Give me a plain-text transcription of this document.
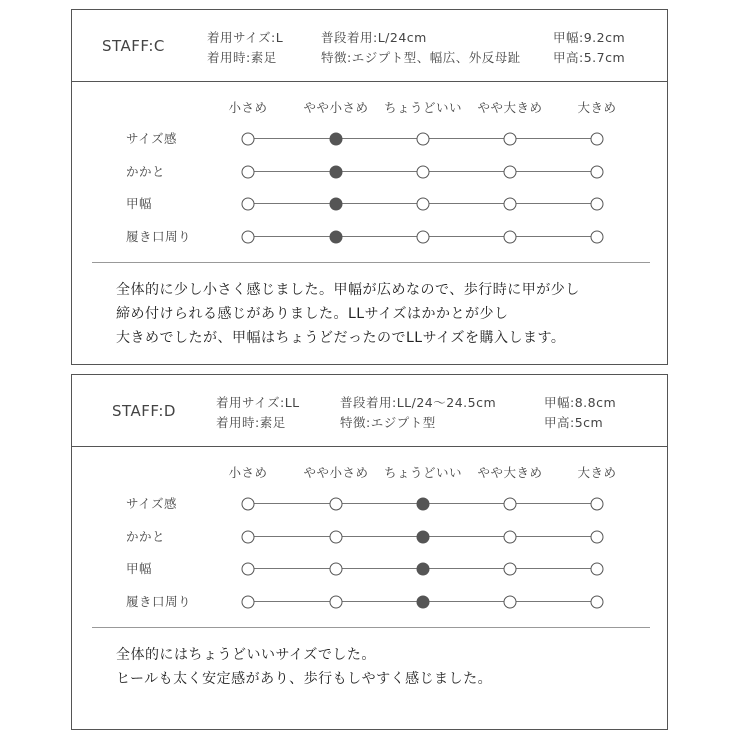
STAFF:C	着用サイズ:L
着用時:素足
普段着用:L/24cm
特徴:エジプト型、幅広、外反母趾
甲幅:9.2cm
甲高:5.7cm
小さめ	やや小さめ ちょうどいい やや大きめ	大きめ
サイズ感
かかと
甲幅
履き口周り
全体的に少し小さく感じました。甲幅が広めなので、歩行時に甲が少し
締め付けられる感じがありました。LLサイズはかかとが少し
大きめでしたが、甲幅はちょうどだったのでLLサイズを購入します。
STAFF:D	着用サイズ:LL
着用時:素足
普段着用:LL/24〜24.5cm
特徴:エジプト型
甲幅:8.8cm
甲高:5cm
小さめ	やや小さめ ちょうどいい やや大きめ	大きめ
サイズ感
かかと
甲幅
履き口周り
全体的にはちょうどいいサイズでした。
ヒールも太く安定感があり、歩行もしやすく感じました。
